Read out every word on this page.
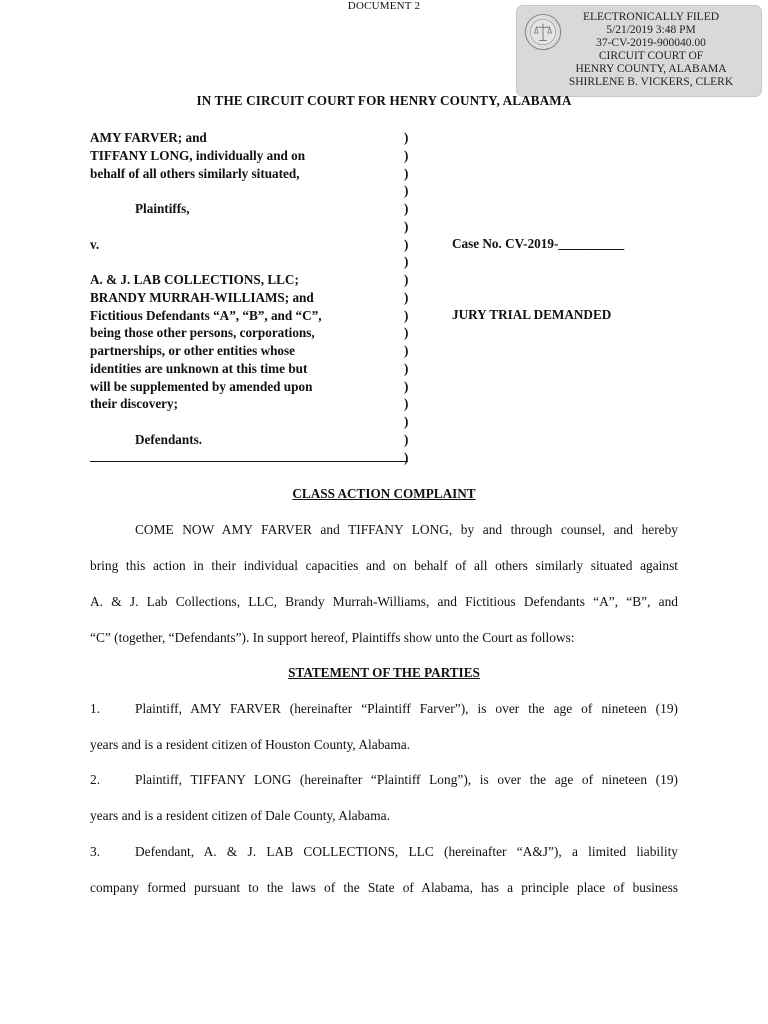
DOCUMENT 2
ELECTRONICALLY FILED
5/21/2019 3:48 PM
37-CV-2019-900040.00
CIRCUIT COURT OF
HENRY COUNTY, ALABAMA
SHIRLENE B. VICKERS, CLERK
IN THE CIRCUIT COURT FOR HENRY COUNTY, ALABAMA
AMY FARVER; and
TIFFANY LONG, individually and on
behalf of all others similarly situated,

Plaintiffs,

v.

A. & J. LAB COLLECTIONS, LLC;
BRANDY MURRAH-WILLIAMS; and
Fictitious Defendants “A”, “B”, and “C”,
being those other persons, corporations,
partnerships, or other entities whose
identities are unknown at this time but
will be supplemented by amended upon
their discovery;

Defendants.
)
)
)
)
)
)
)
)
)
)
)
)
)
)
)
)
)
)
)
Case No. CV-2019-__________
JURY TRIAL DEMANDED
CLASS ACTION COMPLAINT
COME NOW AMY FARVER and TIFFANY LONG, by and through counsel, and hereby
bring this action in their individual capacities and on behalf of all others similarly situated against
A. & J. Lab Collections, LLC, Brandy Murrah-Williams, and Fictitious Defendants “A”, “B”, and
“C” (together, “Defendants”). In support hereof, Plaintiffs show unto the Court as follows:
STATEMENT OF THE PARTIES
1.	Plaintiff, AMY FARVER (hereinafter “Plaintiff Farver”), is over the age of nineteen (19)
years and is a resident citizen of Houston County, Alabama.
2.	Plaintiff, TIFFANY LONG (hereinafter “Plaintiff Long”), is over the age of nineteen (19)
years and is a resident citizen of Dale County, Alabama.
3.	Defendant, A. & J. LAB COLLECTIONS, LLC (hereinafter “A&J”), a limited liability
company formed pursuant to the laws of the State of Alabama, has a principle place of business
